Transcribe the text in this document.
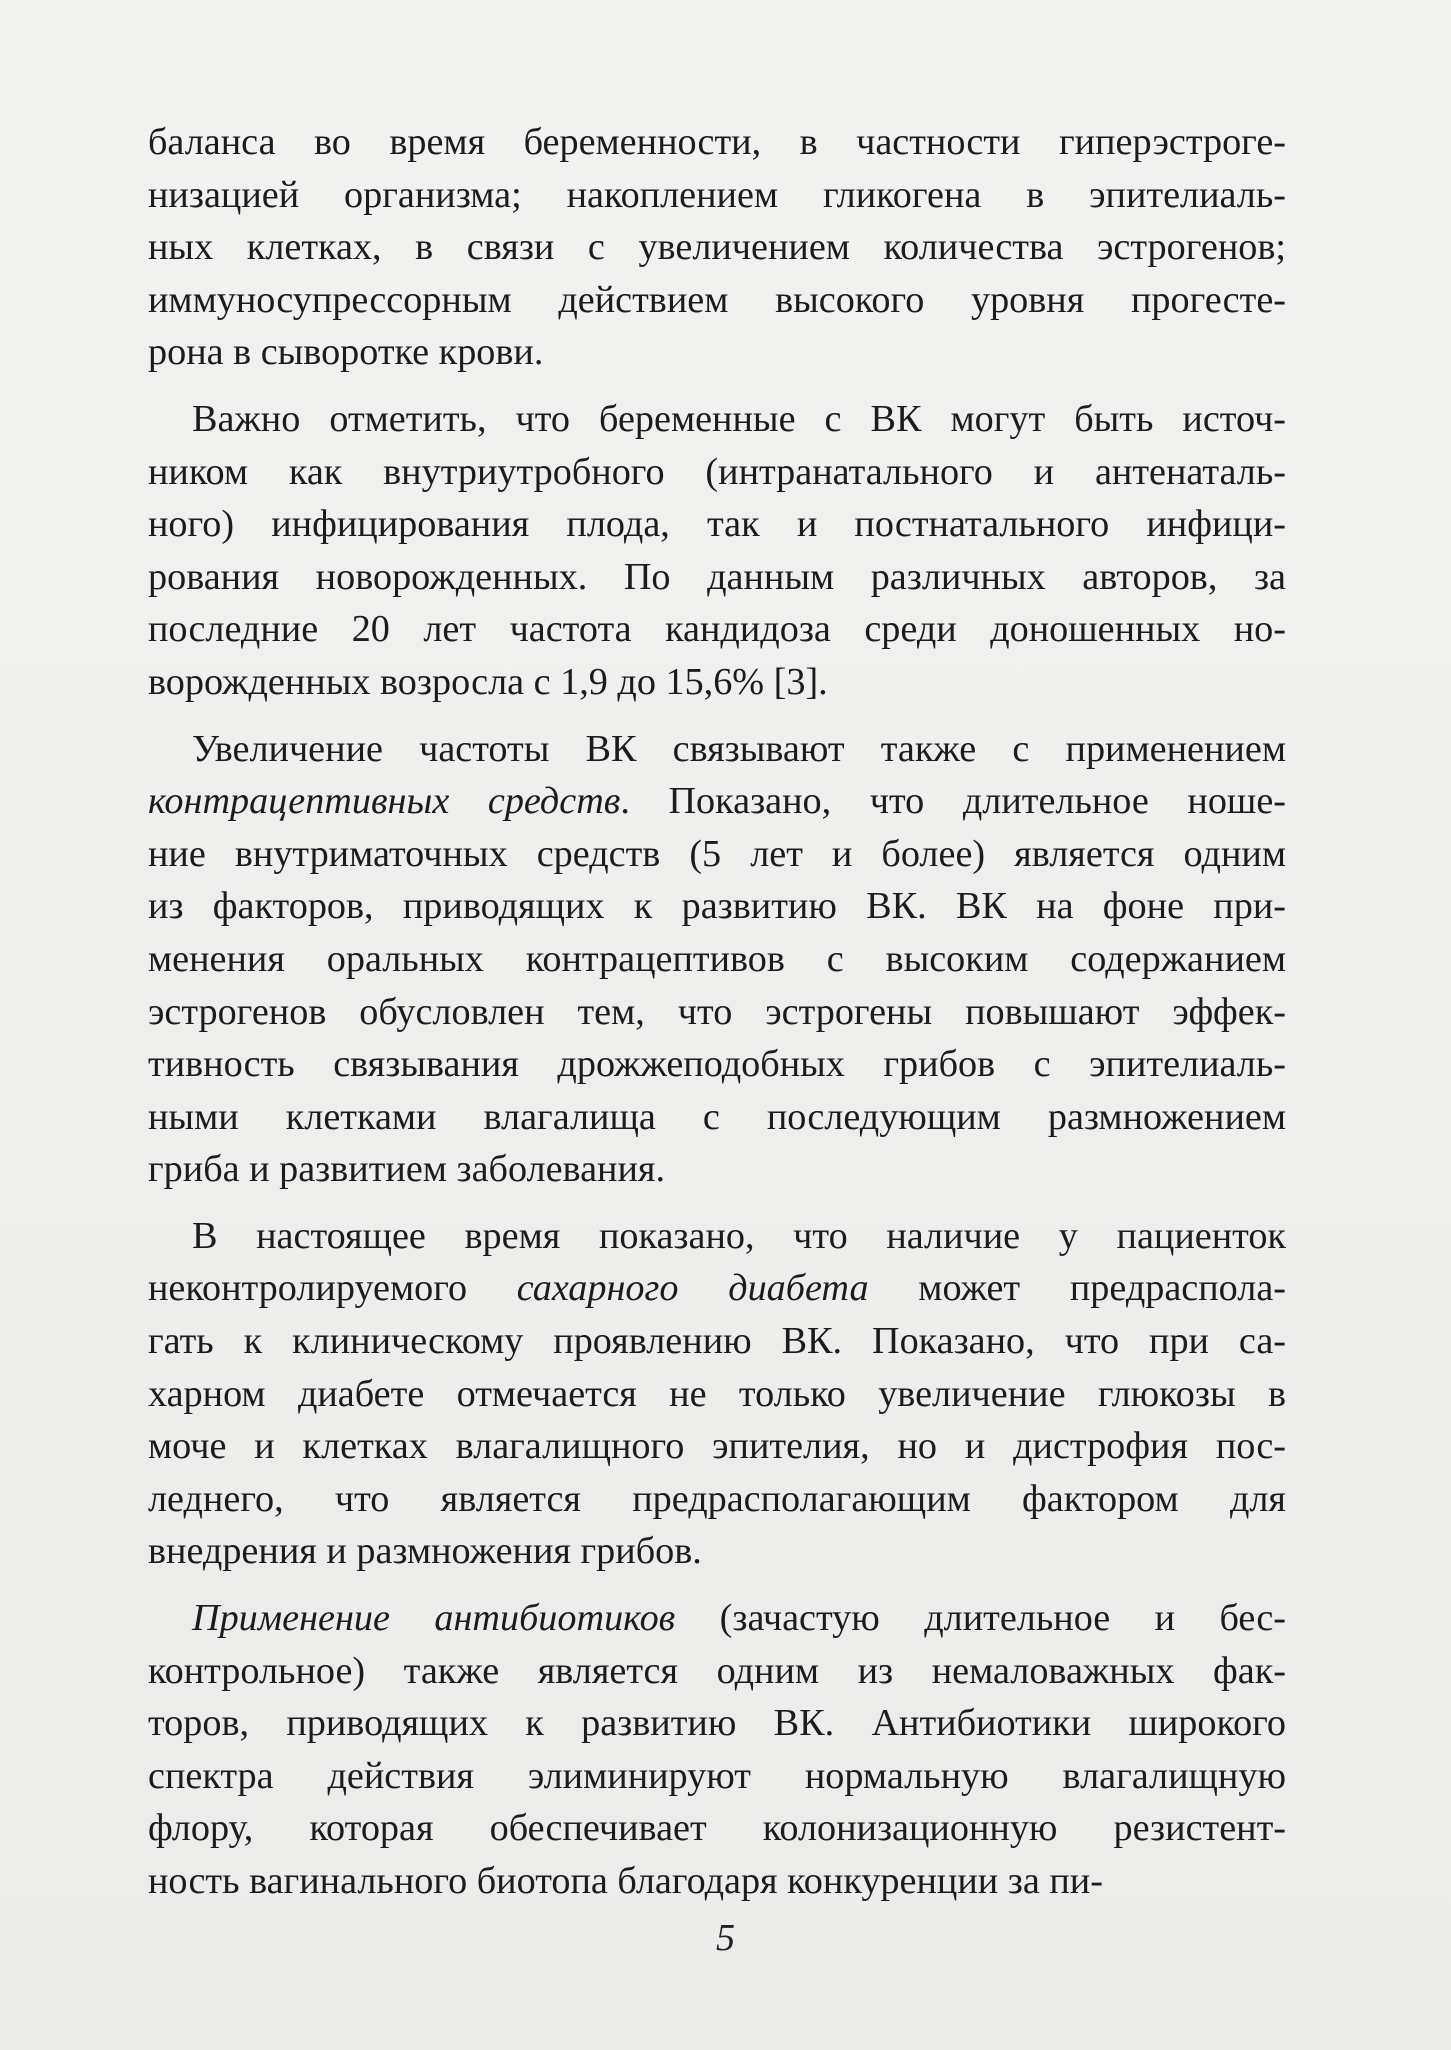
баланса во время беременности, в частности гиперэстроге-
низацией организма; накоплением гликогена в эпителиаль-
ных клетках, в связи с увеличением количества эстрогенов;
иммуносупрессорным действием высокого уровня прогесте-
рона в сыворотке крови.

Важно отметить, что беременные с ВК могут быть источ-
ником как внутриутробного (интранатального и антенаталь-
ного) инфицирования плода, так и постнатального инфици-
рования новорожденных. По данным различных авторов, за
последние 20 лет частота кандидоза среди доношенных но-
ворожденных возросла с 1,9 до 15,6% [3].

Увеличение частоты ВК связывают также с применением
контрацептивных средств. Показано, что длительное ноше-
ние внутриматочных средств (5 лет и более) является одним
из факторов, приводящих к развитию ВК. ВК на фоне при-
менения оральных контрацептивов с высоким содержанием
эстрогенов обусловлен тем, что эстрогены повышают эффек-
тивность связывания дрожжеподобных грибов с эпителиаль-
ными клетками влагалища с последующим размножением
гриба и развитием заболевания.

В настоящее время показано, что наличие у пациенток
неконтролируемого сахарного диабета может предраспола-
гать к клиническому проявлению ВК. Показано, что при са-
харном диабете отмечается не только увеличение глюкозы в
моче и клетках влагалищного эпителия, но и дистрофия пос-
леднего, что является предрасполагающим фактором для
внедрения и размножения грибов.

Применение антибиотиков (зачастую длительное и бес-
контрольное) также является одним из немаловажных фак-
торов, приводящих к развитию ВК. Антибиотики широкого
спектра действия элиминируют нормальную влагалищную
флору, которая обеспечивает колонизационную резистент-
ность вагинального биотопа благодаря конкуренции за пи-

5
